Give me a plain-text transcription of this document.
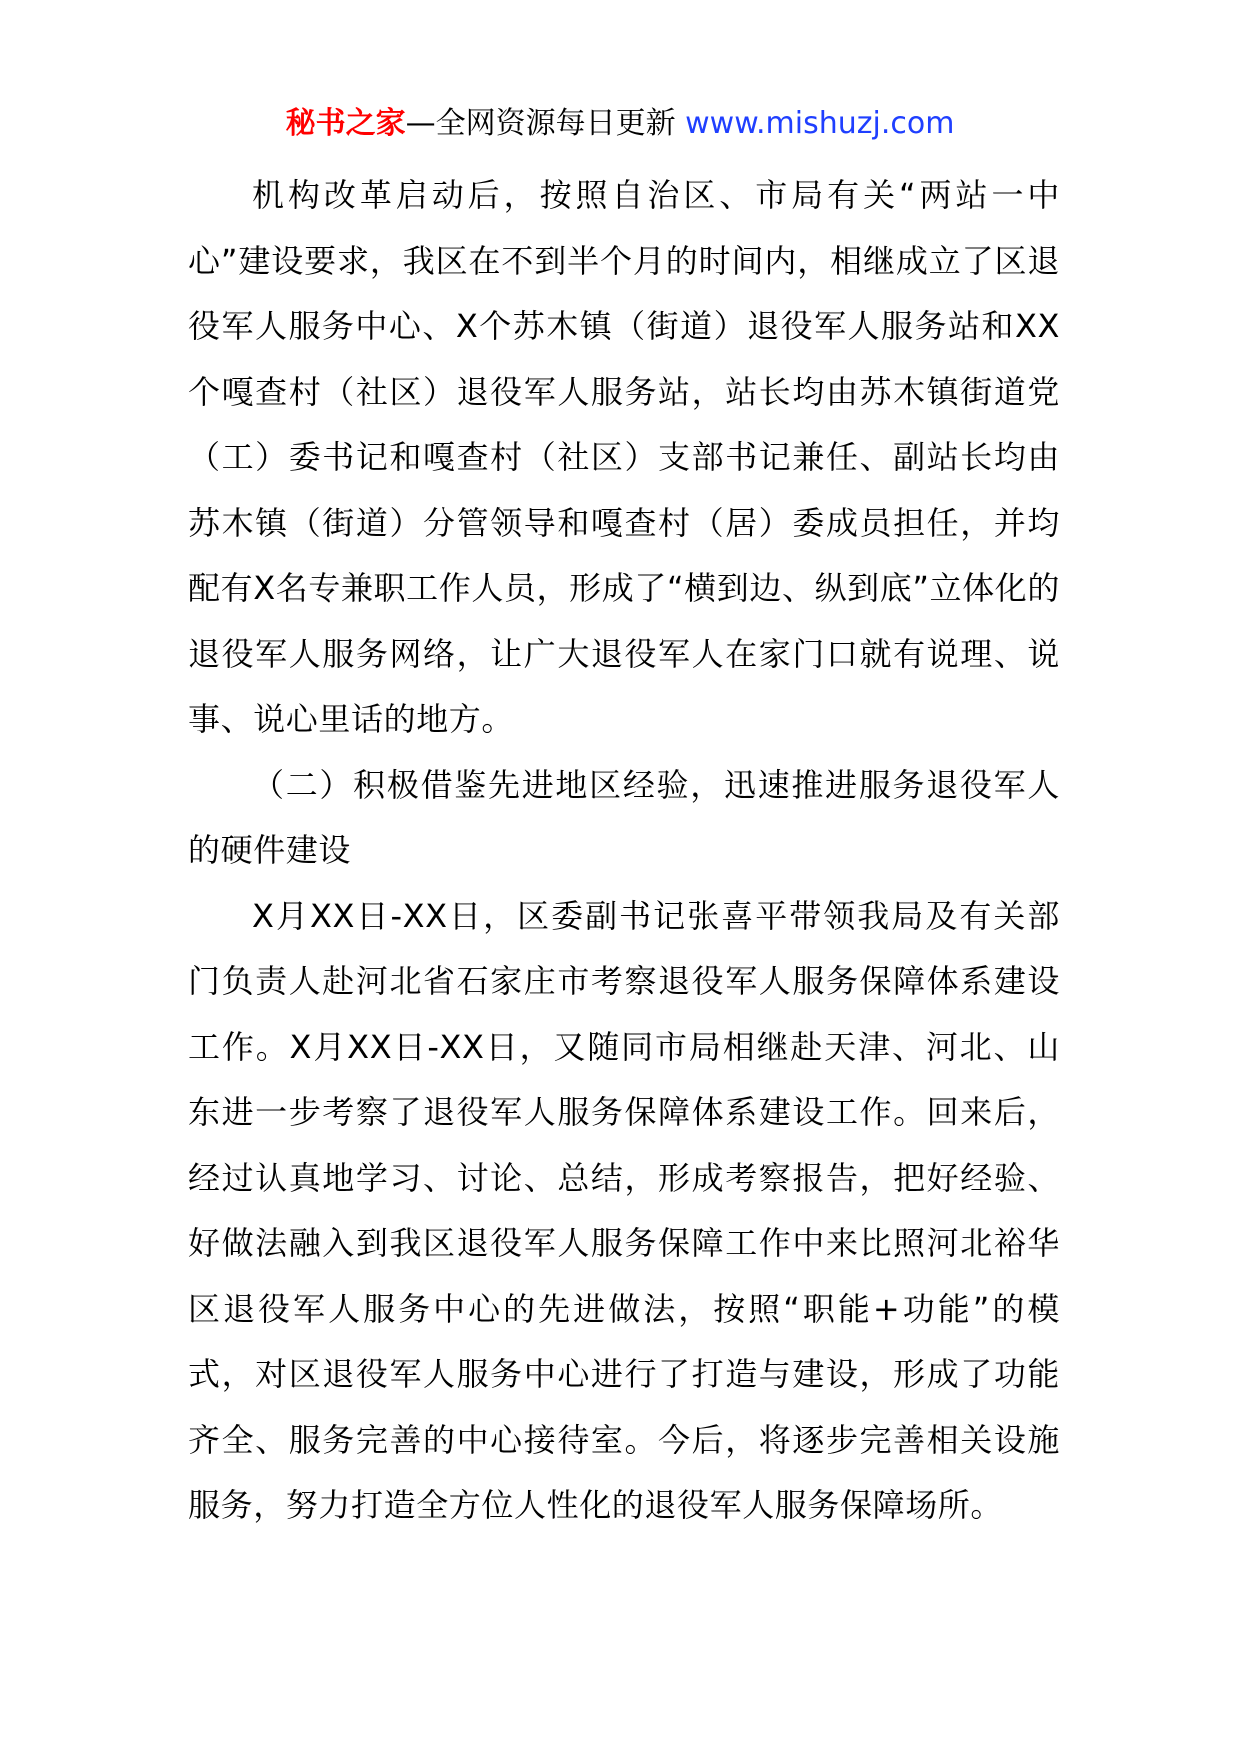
秘书之家—全网资源每日更新 www.mishuzj.com

机构改革启动后，按照自治区、市局有关“两站一中心”建设要求，我区在不到半个月的时间内，相继成立了区退役军人服务中心、X个苏木镇（街道）退役军人服务站和XX个嘎查村（社区）退役军人服务站，站长均由苏木镇街道党（工）委书记和嘎查村（社区）支部书记兼任、副站长均由苏木镇（街道）分管领导和嘎查村（居）委成员担任，并均配有X名专兼职工作人员，形成了“横到边、纵到底”立体化的退役军人服务网络，让广大退役军人在家门口就有说理、说事、说心里话的地方。

（二）积极借鉴先进地区经验，迅速推进服务退役军人的硬件建设

X月XX日-XX日，区委副书记张喜平带领我局及有关部门负责人赴河北省石家庄市考察退役军人服务保障体系建设工作。X月XX日-XX日，又随同市局相继赴天津、河北、山东进一步考察了退役军人服务保障体系建设工作。回来后，经过认真地学习、讨论、总结，形成考察报告，把好经验、好做法融入到我区退役军人服务保障工作中来比照河北裕华区退役军人服务中心的先进做法，按照“职能+功能”的模式，对区退役军人服务中心进行了打造与建设，形成了功能齐全、服务完善的中心接待室。今后，将逐步完善相关设施服务，努力打造全方位人性化的退役军人服务保障场所。
